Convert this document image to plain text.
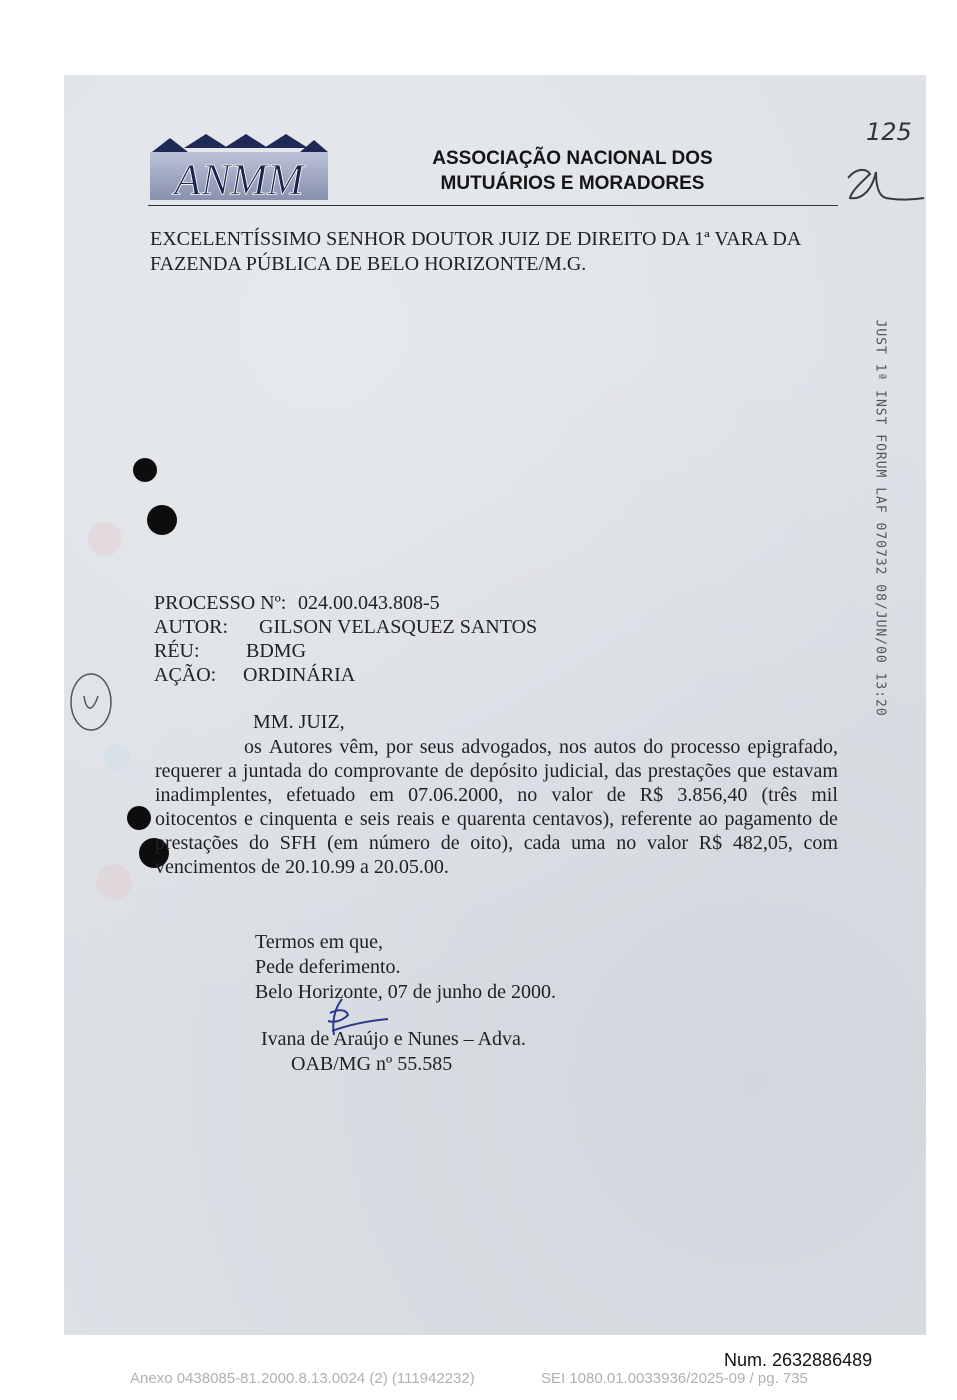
ANMM	ASSOCIAÇÃO NACIONAL DOS
MUTUÁRIOS E MORADORES
125
EXCELENTÍSSIMO SENHOR DOUTOR JUIZ DE DIREITO DA 1ª VARA DA
FAZENDA PÚBLICA DE BELO HORIZONTE/M.G.
JUST 1ª INST FORUM LAF 070732 08/JUN/00 13:20
PROCESSO Nº: 024.00.043.808-5
AUTOR: GILSON VELASQUEZ SANTOS
RÉU: BDMG
AÇÃO: ORDINÁRIA
MM. JUIZ,
os Autores vêm, por seus advogados, nos autos do processo epigrafado,
requerer a juntada do comprovante de depósito judicial, das prestações que estavam
inadimplentes, efetuado em 07.06.2000, no valor de R$ 3.856,40 (três mil
oitocentos e cinquenta e seis reais e quarenta centavos), referente ao pagamento de
prestações do SFH (em número de oito), cada uma no valor R$ 482,05, com
vencimentos de 20.10.99 a 20.05.00.
Termos em que,
Pede deferimento.
Belo Horizonte, 07 de junho de 2000.
Ivana de Araújo e Nunes – Adva.
OAB/MG nº 55.585
Num. 2632886489
Anexo 0438085-81.2000.8.13.0024 (2) (111942232)	SEI 1080.01.0033936/2025-09 / pg. 735
